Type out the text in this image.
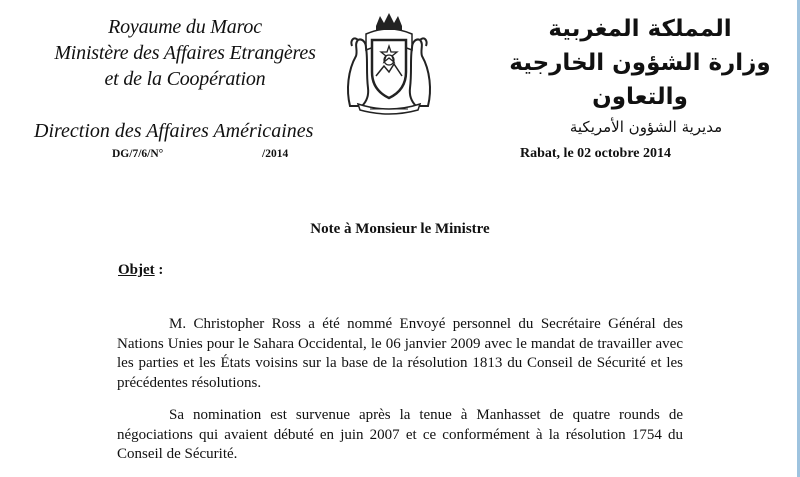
Royaume du Maroc
Ministère des Affaires Etrangères
et de la Coopération
Direction des Affaires Américaines
المملكة المغربية
وزارة الشؤون الخارجية
والتعاون
مديرية الشؤون الأمريكية
DG/7/6/N°	/2014	Rabat, le 02 octobre 2014
Note à Monsieur le Ministre
Objet :
M. Christopher Ross a été nommé Envoyé personnel du Secrétaire Général des Nations Unies pour le Sahara Occidental, le 06 janvier 2009 avec le mandat de travailler avec les parties et les États voisins sur la base de la résolution 1813 du Conseil de Sécurité et les précédentes résolutions.
Sa nomination est survenue après la tenue à Manhasset de quatre rounds de négociations qui avaient débuté en juin 2007 et ce conformément à la résolution 1754 du Conseil de Sécurité.
